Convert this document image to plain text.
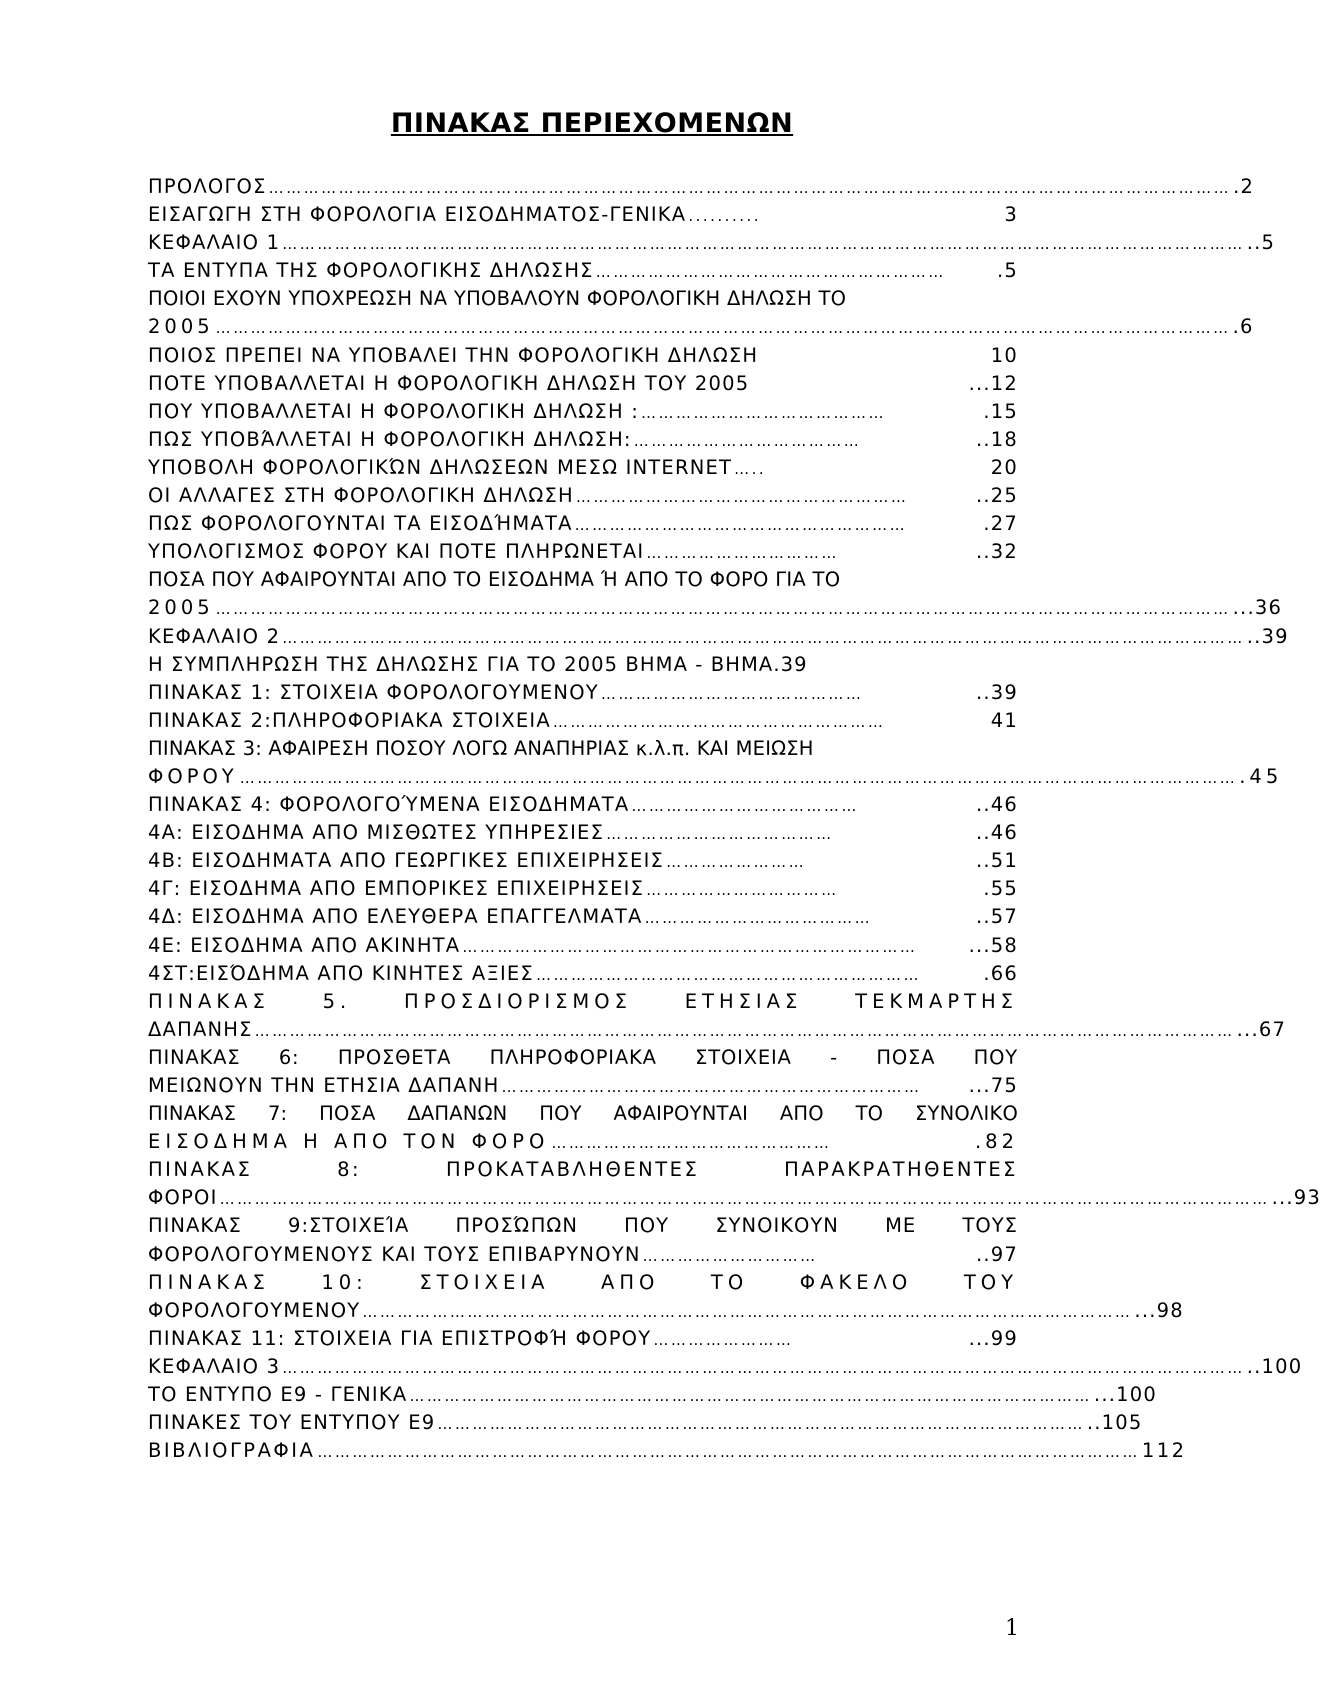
ΠΙΝΑΚΑΣ ΠΕΡΙΕΧΟΜΕΝΩΝ
ΠΡΟΛΟΓΟΣ ………………………………………………………………………………………………………………………………………………… .2
ΕΙΣΑΓΩΓΗ ΣΤΗ ΦΟΡΟΛΟΓΙΑ ΕΙΣΟΔΗΜΑΤΟΣ-ΓΕΝΙΚΑ ..........	3
ΚΕΦΑΛΑΙΟ 1 ………………………………………………………………………………………………………………………………………………… ..5
ΤΑ ΕΝΤΥΠΑ ΤΗΣ ΦΟΡΟΛΟΓΙΚΗΣ ΔΗΛΩΣΗΣ ……………………………………………………	.5
ΠΟΙΟΙ ΕΧΟΥΝ ΥΠΟΧΡΕΩΣΗ ΝΑ ΥΠΟΒΑΛΟΥΝ ΦΟΡΟΛΟΓΙΚΗ ΔΗΛΩΣΗ ΤΟ
2005 ………………………………………………………………………………………………………………………………………………………… .6
ΠΟΙΟΣ ΠΡΕΠΕΙ ΝΑ ΥΠΟΒΑΛΕΙ ΤΗΝ ΦΟΡΟΛΟΓΙΚΗ ΔΗΛΩΣΗ	10
ΠΟΤΕ ΥΠΟΒΑΛΛΕΤΑΙ Η ΦΟΡΟΛΟΓΙΚΗ ΔΗΛΩΣΗ ΤΟΥ 2005	...12
ΠΟΥ ΥΠΟΒΑΛΛΕΤΑΙ Η ΦΟΡΟΛΟΓΙΚΗ ΔΗΛΩΣΗ : ……………………………………	.15
ΠΩΣ ΥΠΟΒΆΛΛΕΤΑΙ Η ΦΟΡΟΛΟΓΙΚΗ ΔΗΛΩΣΗ: …………………………………	..18
ΥΠΟΒΟΛΗ ΦΟΡΟΛΟΓΙΚΏΝ ΔΗΛΩΣΕΩΝ ΜΕΣΩ INTERNET …..	20
ΟΙ ΑΛΛΑΓΕΣ ΣΤΗ ΦΟΡΟΛΟΓΙΚΗ ΔΗΛΩΣΗ …………………………………………………	..25
ΠΩΣ ΦΟΡΟΛΟΓΟΥΝΤΑΙ ΤΑ ΕΙΣΟΔΉΜΑΤΑ …………………………………………………	.27
ΥΠΟΛΟΓΙΣΜΟΣ ΦΟΡΟΥ ΚΑΙ ΠΟΤΕ ΠΛΗΡΩΝΕΤΑΙ ……………………………	..32
ΠΟΣΑ ΠΟΥ ΑΦΑΙΡΟΥΝΤΑΙ ΑΠΟ ΤΟ ΕΙΣΟΔΗΜΑ Ή ΑΠΟ ΤΟ ΦΟΡΟ ΓΙΑ ΤΟ
2005 ………………………………………………………………………………………………………………………………………………………… ...36
ΚΕΦΑΛΑΙΟ 2 ………………………………………………………………………………………………………………………………………………… ..39
Η ΣΥΜΠΛΗΡΩΣΗ ΤΗΣ ΔΗΛΩΣΗΣ ΓΙΑ ΤΟ 2005 ΒΗΜΑ - ΒΗΜΑ.39
ΠΙΝΑΚΑΣ 1: ΣΤΟΙΧΕΙΑ ΦΟΡΟΛΟΓΟΥΜΕΝΟΥ ………………………………………	..39
ΠΙΝΑΚΑΣ 2:ΠΛΗΡΟΦΟΡΙΑΚΑ ΣΤΟΙΧΕΙΑ …………………………………………………	41
ΠΙΝΑΚΑΣ 3: ΑΦΑΙΡΕΣΗ ΠΟΣΟΥ ΛΟΓΩ ΑΝΑΠΗΡΙΑΣ κ.λ.π. ΚΑΙ ΜΕΙΩΣΗ
ΦΟΡΟΥ ……………………………………………………………………………………………………………………………………………………… .45
ΠΙΝΑΚΑΣ 4: ΦΟΡΟΛΟΓΟΎΜΕΝΑ ΕΙΣΟΔΗΜΑΤΑ …………………………………	..46
4Α: ΕΙΣΟΔΗΜΑ ΑΠΟ ΜΙΣΘΩΤΕΣ ΥΠΗΡΕΣΙΕΣ …………………………………	..46
4Β: ΕΙΣΟΔΗΜΑΤΑ ΑΠΟ ΓΕΩΡΓΙΚΕΣ ΕΠΙΧΕΙΡΗΣΕΙΣ ……………………	..51
4Γ: ΕΙΣΟΔΗΜΑ ΑΠΟ ΕΜΠΟΡΙΚΕΣ ΕΠΙΧΕΙΡΗΣΕΙΣ ……………………………	.55
4Δ: ΕΙΣΟΔΗΜΑ ΑΠΟ ΕΛΕΥΘΕΡΑ ΕΠΑΓΓΕΛΜΑΤΑ …………………………………	..57
4Ε: ΕΙΣΟΔΗΜΑ ΑΠΟ ΑΚΙΝΗΤΑ ……………………………………………………………………	...58
4ΣΤ:ΕΙΣΌΔΗΜΑ ΑΠΟ ΚΙΝΗΤΕΣ ΑΞΙΕΣ …………………………………………………………	.66
ΠΙΝΑΚΑΣ 5. ΠΡΟΣΔΙΟΡΙΣΜΟΣ ΕΤΗΣΙΑΣ ΤΕΚΜΑΡΤΗΣ
ΔΑΠΑΝΗΣ …………………………………………………………………………………………………………………………………………………… ...67
ΠΙΝΑΚΑΣ 6: ΠΡΟΣΘΕΤΑ ΠΛΗΡΟΦΟΡΙΑΚΑ ΣΤΟΙΧΕΙΑ - ΠΟΣΑ ΠΟΥ
ΜΕΙΩΝΟΥΝ ΤΗΝ ΕΤΗΣΙΑ ΔΑΠΑΝΗ ………………………………………………………………	...75
ΠΙΝΑΚΑΣ 7: ΠΟΣΑ ΔΑΠΑΝΩΝ ΠΟΥ ΑΦΑΙΡΟΥΝΤΑΙ ΑΠΟ ΤΟ ΣΥΝΟΛΙΚΟ
ΕΙΣΟΔΗΜΑ Η ΑΠΟ ΤΟΝ ΦΟΡΟ …………………………………………	.82
ΠΙΝΑΚΑΣ 8: ΠΡΟΚΑΤΑΒΛΗΘΕΝΤΕΣ ΠΑΡΑΚΡΑΤΗΘΕΝΤΕΣ
ΦΟΡΟΙ ……………………………………………………………………………………………………………………………………………………………… ...93
ΠΙΝΑΚΑΣ 9:ΣΤΟΙΧΕΊΑ ΠΡΟΣΏΠΩΝ ΠΟΥ ΣΥΝΟΙΚΟΥΝ ΜΕ ΤΟΥΣ
ΦΟΡΟΛΟΓΟΥΜΕΝΟΥΣ ΚΑΙ ΤΟΥΣ ΕΠΙΒΑΡΥΝΟΥΝ …………………………	..97
ΠΙΝΑΚΑΣ 10: ΣΤΟΙΧΕΙΑ ΑΠΟ ΤΟ ΦΑΚΕΛΟ ΤΟΥ
ΦΟΡΟΛΟΓΟΥΜΕΝΟΥ …………………………………………………………………………………………………………………… ...98
ΠΙΝΑΚΑΣ 11: ΣΤΟΙΧΕΙΑ ΓΙΑ ΕΠΙΣΤΡΟΦΉ ΦΟΡΟΥ ……………………	...99
ΚΕΦΑΛΑΙΟ 3 ………………………………………………………………………………………………………………………………………………… ..100
ΤΟ ΕΝΤΥΠΟ Ε9 - ΓΕΝΙΚΑ ……………………………………………………………………………………………………… ...100
ΠΙΝΑΚΕΣ ΤΟΥ ΕΝΤΥΠΟΥ Ε9 ………………………………………………………………………………………………… ..105
ΒΙΒΛΙΟΓΡΑΦΙΑ …………………………………………………………………………………………………………………………… 112
1
